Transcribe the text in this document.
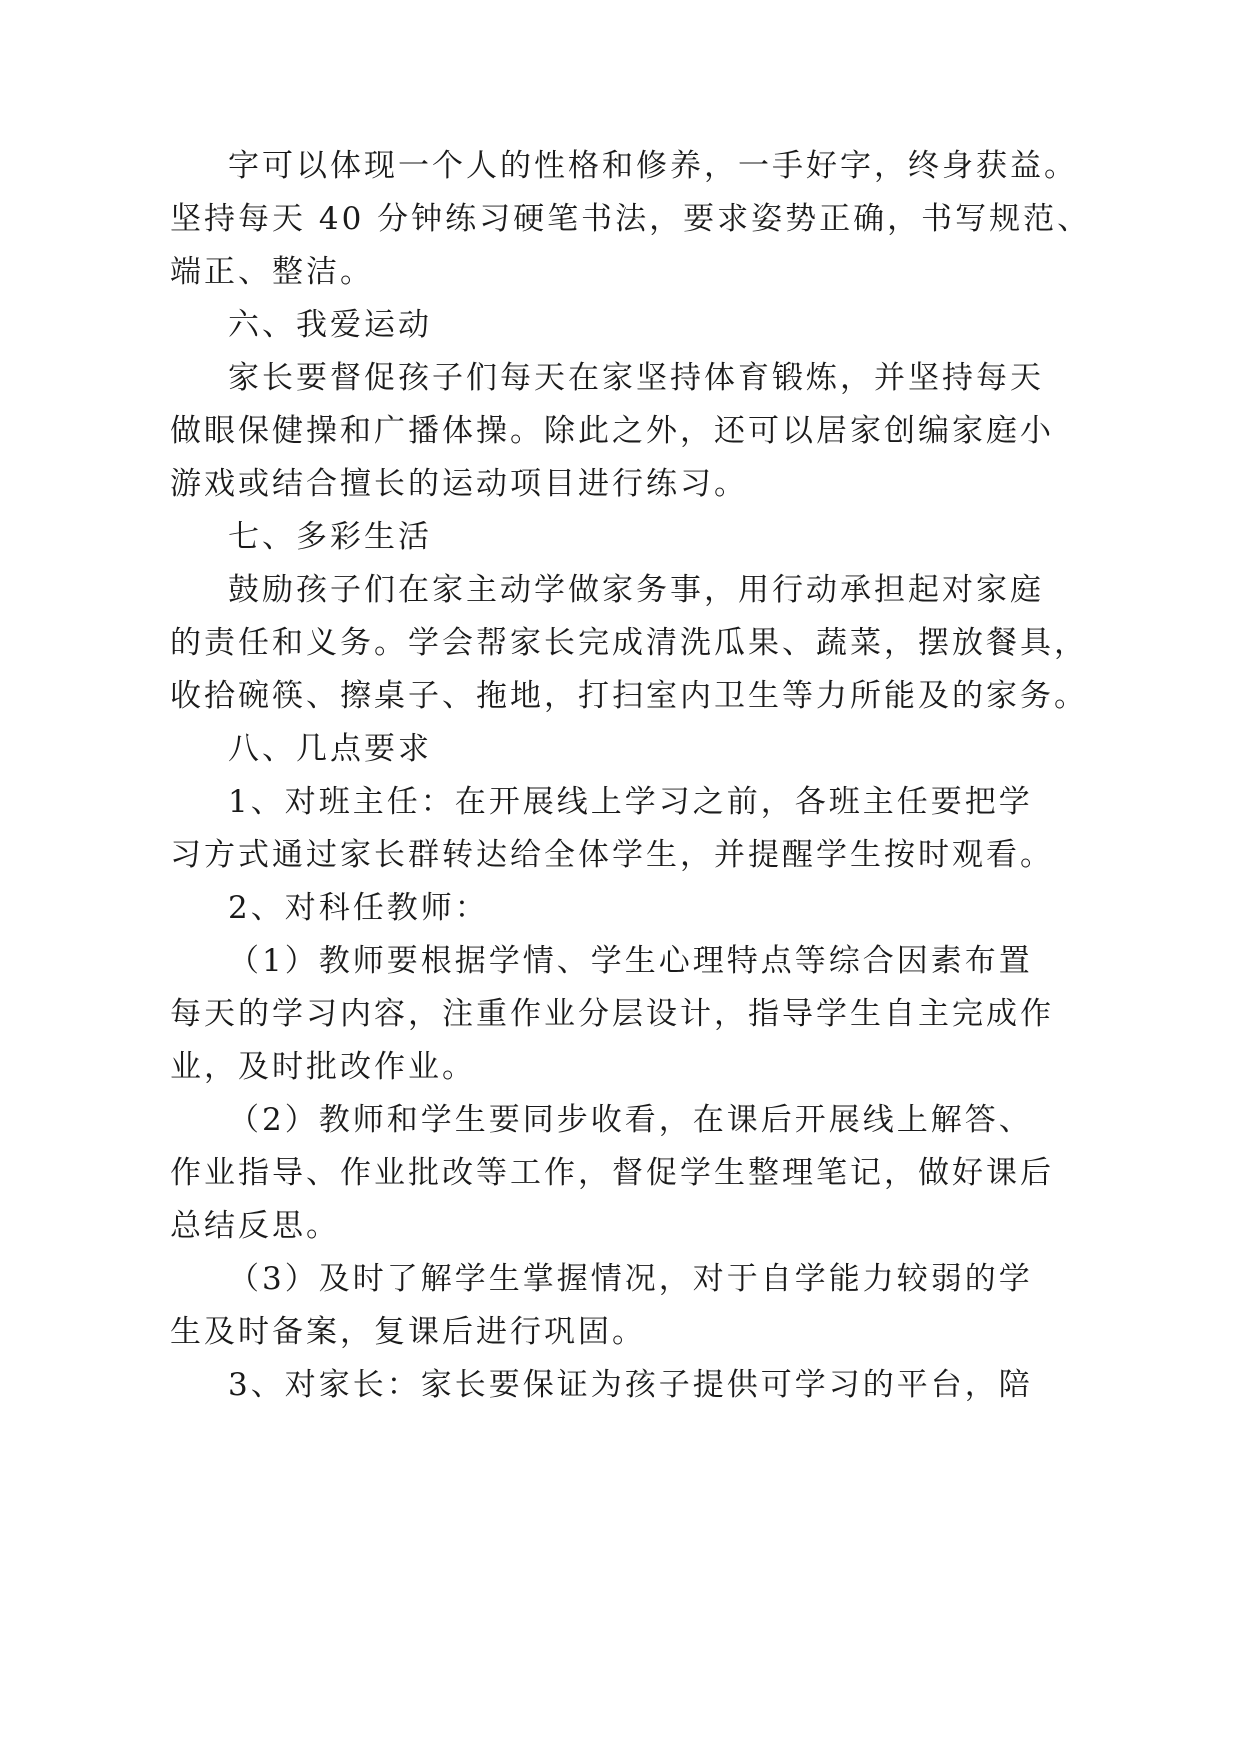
字可以体现一个人的性格和修养，一手好字，终身获益。

坚持每天 40 分钟练习硬笔书法，要求姿势正确，书写规范、

端正、整洁。

六、我爱运动

家长要督促孩子们每天在家坚持体育锻炼，并坚持每天

做眼保健操和广播体操。除此之外，还可以居家创编家庭小

游戏或结合擅长的运动项目进行练习。

七、多彩生活

鼓励孩子们在家主动学做家务事，用行动承担起对家庭

的责任和义务。学会帮家长完成清洗瓜果、蔬菜，摆放餐具，

收拾碗筷、擦桌子、拖地，打扫室内卫生等力所能及的家务。

八、几点要求

1、对班主任：在开展线上学习之前，各班主任要把学

习方式通过家长群转达给全体学生，并提醒学生按时观看。

2、对科任教师：

（1）教师要根据学情、学生心理特点等综合因素布置

每天的学习内容，注重作业分层设计，指导学生自主完成作

业，及时批改作业。

（2）教师和学生要同步收看，在课后开展线上解答、

作业指导、作业批改等工作，督促学生整理笔记，做好课后

总结反思。

（3）及时了解学生掌握情况，对于自学能力较弱的学

生及时备案，复课后进行巩固。

3、对家长：家长要保证为孩子提供可学习的平台，陪
